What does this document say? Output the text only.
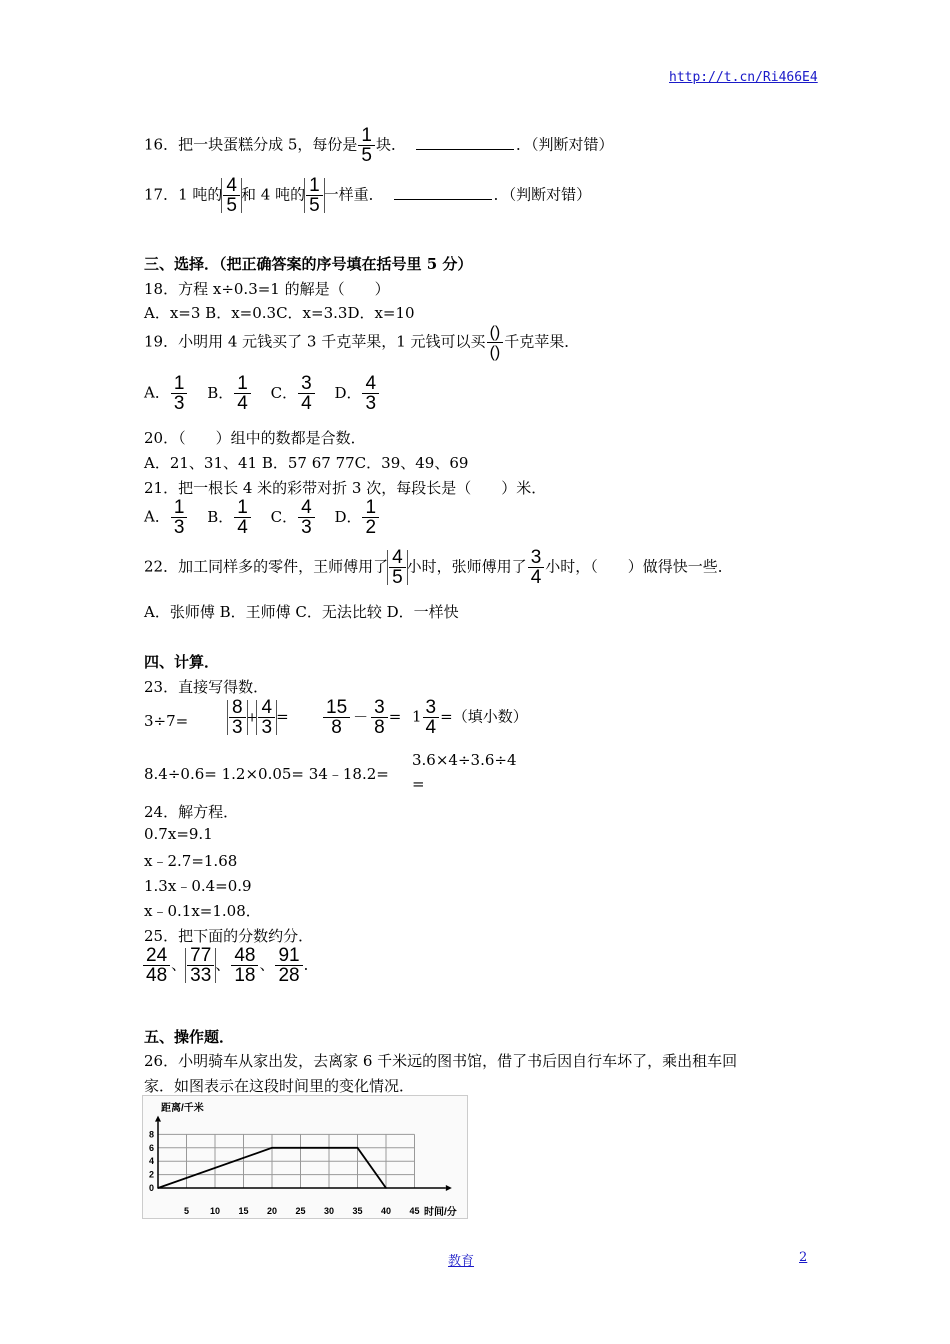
http://t.cn/Ri466E4
16．把一块蛋糕分成 5，每份是 $\frac{1}{5}$ 块．	．（判断对错）
17．1 吨的 $\frac{4}{5}$ 和 4 吨的 $\frac{1}{5}$ 一样重．	．（判断对错）
三、选择．（把正确答案的序号填在括号里 5 分）
18．方程 x÷0.3=1 的解是（　　）
A．x=3 B．x=0.3C．x=3.3D．x=10
19．小明用 4 元钱买了 3 千克苹果，1 元钱可以买 $\frac{()}{()}$ 千克苹果．
A． $\frac{1}{3}$ B． $\frac{1}{4}$ C． $\frac{3}{4}$ D． $\frac{4}{3}$
20．（　　）组中的数都是合数．
A．21、31、41 B．57 67 77C．39、49、69
21．把一根长 4 米的彩带对折 3 次，每段长是（　　）米．
A． $\frac{1}{3}$ B． $\frac{1}{4}$ C． $\frac{4}{3}$ D． $\frac{1}{2}$
22．加工同样多的零件，王师傅用了 $\frac{4}{5}$ 小时，张师傅用了 $\frac{3}{4}$ 小时，（　　）做得快一些．
A．张师傅 B．王师傅 C．无法比较 D．一样快
四、计算．
23．直接写得数．
$3\div 7= \frac{8}{3} + \frac{4}{3} = \frac{15}{8} - \frac{3}{8} = 1 \frac{3}{4}$ =（填小数）
8.4÷0.6= 1.2×0.05= 34﹣18.2=
3.6×4÷3.6÷4
=
24．解方程．
0.7x=9.1
x﹣2.7=1.68
1.3x﹣0.4=0.9
x﹣0.1x=1.08．
25．把下面的分数约分．
$\frac{24}{48}$ 、 $\frac{77}{33}$ 、 $\frac{48}{18}$ 、 $\frac{91}{28}$ ．
五、操作题．
26．小明骑车从家出发，去离家 6 千米远的图书馆，借了书后因自行车坏了，乘出租车回
家．如图表示在这段时间里的变化情况．
5 10 15 20 25 30 35 40 45
0
2
4
6
8
距离/千米
时间/分
教育	2
